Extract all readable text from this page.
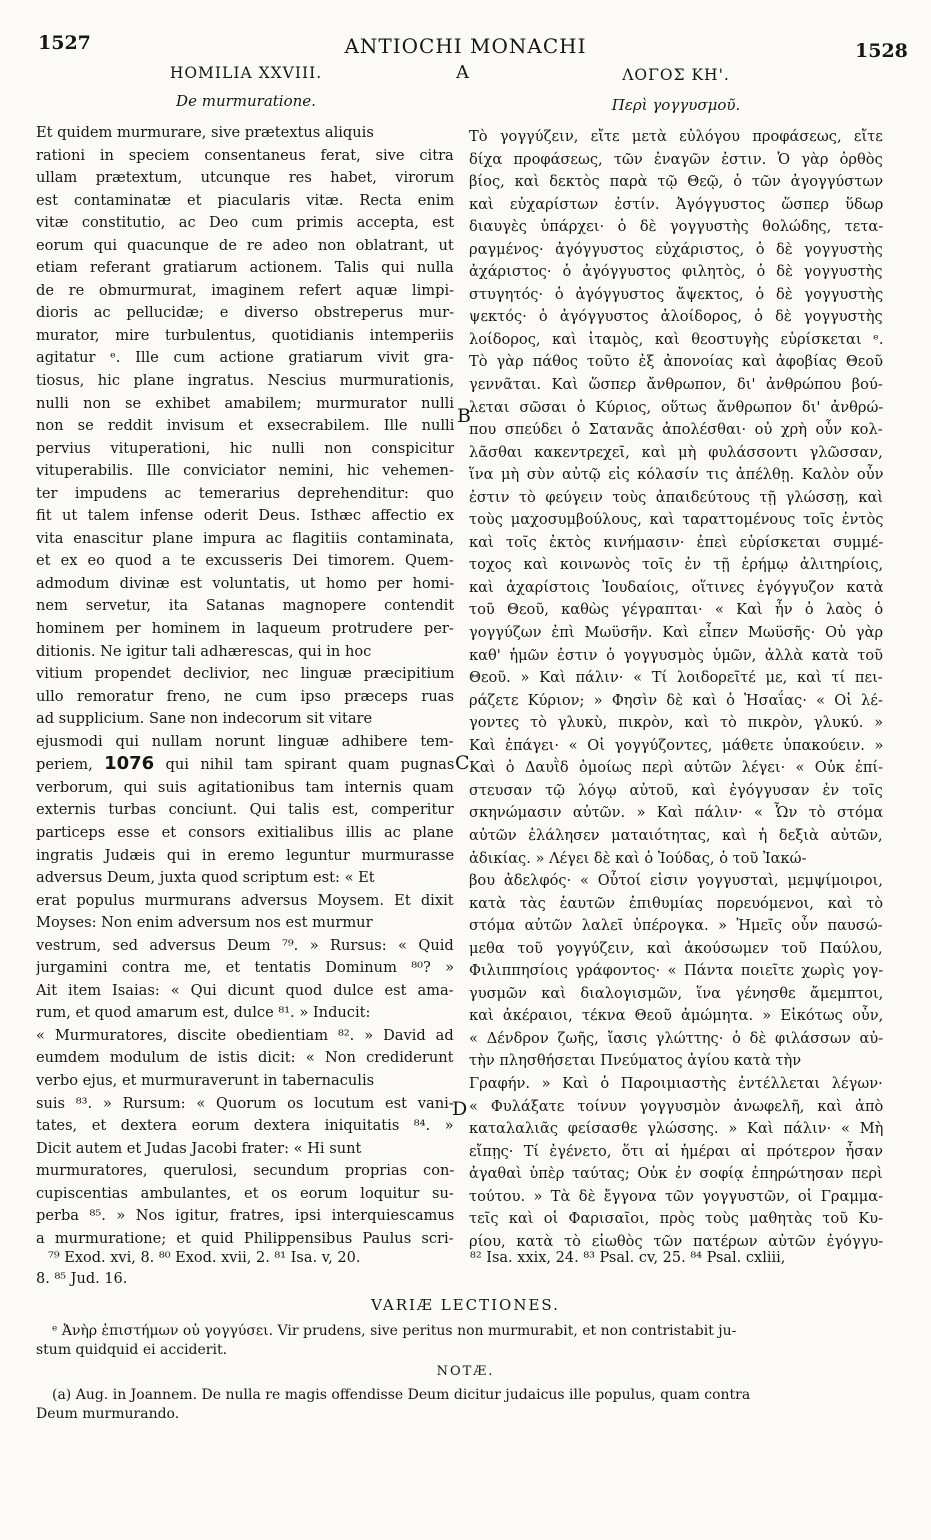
1527	ANTIOCHI MONACHI	1528
HOMILIA XXVIII.	A	ΛΟΓΟΣ ΚΗ'.
De murmuratione.	Περὶ γογγυσμοῦ.
Et quidem murmurare, sive prætextus aliquis
rationi in speciem consentaneus ferat, sive citra
ullam prætextum, utcunque res habet, virorum
est contaminatæ et piacularis vitæ. Recta enim
vitæ constitutio, ac Deo cum primis accepta, est
eorum qui quacunque de re adeo non oblatrant, ut
etiam referant gratiarum actionem. Talis qui nulla
de re obmurmurat, imaginem refert aquæ limpi-
dioris ac pellucidæ; e diverso obstreperus mur-
murator, mire turbulentus, quotidianis intemperiis
agitatur ᵉ. Ille cum actione gratiarum vivit gra-
tiosus, hic plane ingratus. Nescius murmurationis,
nulli non se exhibet amabilem; murmurator nulli
non se reddit invisum et exsecrabilem. Ille nulli
pervius vituperationi, hic nulli non conspicitur
vituperabilis. Ille conviciator nemini, hic vehemen-
ter impudens ac temerarius deprehenditur: quo
fit ut talem infense oderit Deus. Isthæc affectio ex
vita enascitur plane impura ac flagitiis contaminata,
et ex eo quod a te excusseris Dei timorem. Quem-
admodum divinæ est voluntatis, ut homo per homi-
nem servetur, ita Satanas magnopere contendit
hominem per hominem in laqueum protrudere per-
ditionis. Ne igitur tali adhærescas, qui in hoc
vitium propendet declivior, nec linguæ præcipitium
ullo remoratur freno, ne cum ipso præceps ruas
ad supplicium. Sane non indecorum sit vitare
ejusmodi qui nullam norunt linguæ adhibere tem-
periem, 1076 qui nihil tam spirant quam pugnas
verborum, qui suis agitationibus tam internis quam
externis turbas conciunt. Qui talis est, comperitur
particeps esse et consors exitialibus illis ac plane
ingratis Judæis qui in eremo leguntur murmurasse
adversus Deum, juxta quod scriptum est: « Et
erat populus murmurans adversus Moysem. Et dixit
Moyses: Non enim adversum nos est murmur
vestrum, sed adversus Deum ⁷⁹. » Rursus: « Quid
jurgamini contra me, et tentatis Dominum ⁸⁰? »
Ait item Isaias: « Qui dicunt quod dulce est ama-
rum, et quod amarum est, dulce ⁸¹. » Inducit:
« Murmuratores, discite obedientiam ⁸². » David ad
eumdem modulum de istis dicit: « Non crediderunt
verbo ejus, et murmuraverunt in tabernaculis
suis ⁸³. » Rursum: « Quorum os locutum est vani-
tates, et dextera eorum dextera iniquitatis ⁸⁴. »
Dicit autem et Judas Jacobi frater: « Hi sunt
murmuratores, querulosi, secundum proprias con-
cupiscentias ambulantes, et os eorum loquitur su-
perba ⁸⁵. » Nos igitur, fratres, ipsi interquiescamus
a murmuratione; et quid Philippensibus Paulus scri-
Τὸ γογγύζειν, εἴτε μετὰ εὐλόγου προφάσεως, εἴτε
δίχα προφάσεως, τῶν ἐναγῶν ἐστιν. Ὁ γὰρ ὀρθὸς
βίος, καὶ δεκτὸς παρὰ τῷ Θεῷ, ὁ τῶν ἀγογγύστων
καὶ εὐχαρίστων ἐστίν. Ἀγόγγυστος ὥσπερ ὕδωρ
διαυγὲς ὑπάρχει· ὁ δὲ γογγυστὴς θολώδης, τετα-
ραγμένος· ἀγόγγυστος εὐχάριστος, ὁ δὲ γογγυστὴς
ἀχάριστος· ὁ ἀγόγγυστος φιλητὸς, ὁ δὲ γογγυστὴς
στυγητός· ὁ ἀγόγγυστος ἄψεκτος, ὁ δὲ γογγυστὴς
ψεκτός· ὁ ἀγόγγυστος ἀλοίδορος, ὁ δὲ γογγυστὴς
λοίδορος, καὶ ἰταμὸς, καὶ θεοστυγὴς εὑρίσκεται ᵉ.
Τὸ γὰρ πάθος τοῦτο ἐξ ἀπονοίας καὶ ἀφοβίας Θεοῦ
γεννᾶται. Καὶ ὥσπερ ἄνθρωπον, δι' ἀνθρώπου βού-
λεται σῶσαι ὁ Κύριος, οὕτως ἄνθρωπον δι' ἀνθρώ-
που σπεύδει ὁ Σατανᾶς ἀπολέσθαι· οὐ χρὴ οὖν κολ-
λᾶσθαι κακεντρεχεῖ, καὶ μὴ φυλάσσοντι γλῶσσαν,
ἵνα μὴ σὺν αὐτῷ εἰς κόλασίν τις ἀπέλθῃ. Καλὸν οὖν
ἐστιν τὸ φεύγειν τοὺς ἀπαιδεύτους τῇ γλώσσῃ, καὶ
τοὺς μαχοσυμβούλους, καὶ ταραττομένους τοῖς ἐντὸς
καὶ τοῖς ἐκτὸς κινήμασιν· ἐπεὶ εὑρίσκεται συμμέ-
τοχος καὶ κοινωνὸς τοῖς ἐν τῇ ἐρήμῳ ἀλιτηρίοις,
καὶ ἀχαρίστοις Ἰουδαίοις, οἵτινες ἐγόγγυζον κατὰ
τοῦ Θεοῦ, καθὼς γέγραπται· « Καὶ ἦν ὁ λαὸς ὁ
γογγύζων ἐπὶ Μωϋσῆν. Καὶ εἶπεν Μωϋσῆς· Οὐ γὰρ
καθ' ἡμῶν ἐστιν ὁ γογγυσμὸς ὑμῶν, ἀλλὰ κατὰ τοῦ
Θεοῦ. » Καὶ πάλιν· « Τί λοιδορεῖτέ με, καὶ τί πει-
ράζετε Κύριον; » Φησὶν δὲ καὶ ὁ Ἡσαΐας· « Οἱ λέ-
γοντες τὸ γλυκὺ, πικρὸν, καὶ τὸ πικρὸν, γλυκύ. »
Καὶ ἐπάγει· « Οἱ γογγύζοντες, μάθετε ὑπακούειν. »
Καὶ ὁ Δαυῒδ ὁμοίως περὶ αὐτῶν λέγει· « Οὐκ ἐπί-
στευσαν τῷ λόγῳ αὐτοῦ, καὶ ἐγόγγυσαν ἐν τοῖς
σκηνώμασιν αὐτῶν. » Καὶ πάλιν· « Ὧν τὸ στόμα
αὐτῶν ἐλάλησεν ματαιότητας, καὶ ἡ δεξιὰ αὐτῶν,
ἀδικίας. » Λέγει δὲ καὶ ὁ Ἰούδας, ὁ τοῦ Ἰακώ-
βου ἀδελφός· « Οὗτοί εἰσιν γογγυσταὶ, μεμψίμοιροι,
κατὰ τὰς ἑαυτῶν ἐπιθυμίας πορευόμενοι, καὶ τὸ
στόμα αὐτῶν λαλεῖ ὑπέρογκα. » Ἡμεῖς οὖν παυσώ-
μεθα τοῦ γογγύζειν, καὶ ἀκούσωμεν τοῦ Παύλου,
Φιλιππησίοις γράφοντος· « Πάντα ποιεῖτε χωρὶς γογ-
γυσμῶν καὶ διαλογισμῶν, ἵνα γένησθε ἄμεμπτοι,
καὶ ἀκέραιοι, τέκνα Θεοῦ ἀμώμητα. » Εἰκότως οὖν,
« Δένδρον ζωῆς, ἴασις γλώττης· ὁ δὲ φιλάσσων αὐ-
τὴν πλησθήσεται Πνεύματος ἁγίου κατὰ τὴν
Γραφήν. » Καὶ ὁ Παροιμιαστὴς ἐντέλλεται λέγων·
« Φυλάξατε τοίνυν γογγυσμὸν ἀνωφελῆ, καὶ ἀπὸ
καταλαλιᾶς φείσασθε γλώσσης. » Καὶ πάλιν· « Μὴ
εἴπῃς· Τί ἐγένετο, ὅτι αἱ ἡμέραι αἱ πρότερον ἦσαν
ἀγαθαὶ ὑπὲρ ταύτας; Οὐκ ἐν σοφίᾳ ἐπηρώτησαν περὶ
τούτου. » Τὰ δὲ ἔγγονα τῶν γογγυστῶν, οἱ Γραμμα-
τεῖς καὶ οἱ Φαρισαῖοι, πρὸς τοὺς μαθητὰς τοῦ Κυ-
ρίου, κατὰ τὸ εἰωθὸς τῶν πατέρων αὐτῶν ἐγόγγυ-
B
C
D
⁷⁹ Exod. xvi, 8. ⁸⁰ Exod. xvii, 2. ⁸¹ Isa. v, 20.
8. ⁸⁵ Jud. 16.
⁸² Isa. xxix, 24. ⁸³ Psal. cv, 25. ⁸⁴ Psal. cxliii,
VARIÆ LECTIONES.
ᵉ Ἀνὴρ ἐπιστήμων οὐ γογγύσει. Vir prudens, sive peritus non murmurabit, et non contristabit ju-
stum quidquid ei acciderit.
NOTÆ.
(a) Aug. in Joannem. De nulla re magis offendisse Deum dicitur judaicus ille populus, quam contra
Deum murmurando.
